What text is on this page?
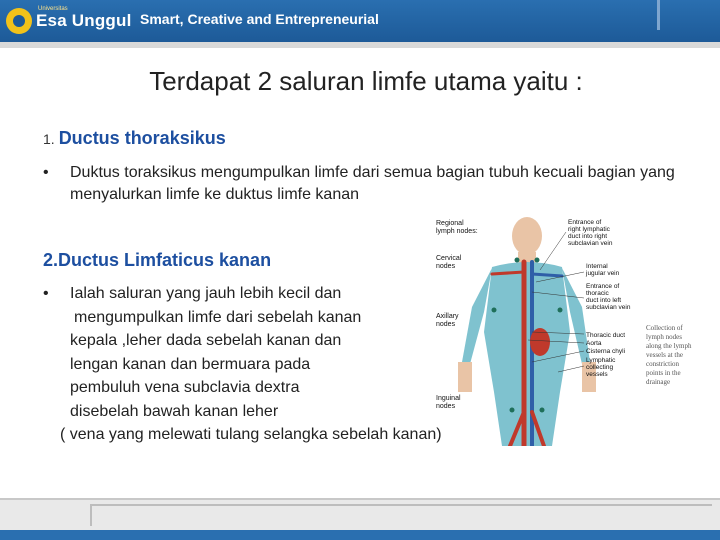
Universitas
Esa Unggul Smart, Creative and Entrepreneurial
Terdapat 2 saluran limfe utama yaitu :
1. Ductus thoraksikus
•	Duktus toraksikus mengumpulkan limfe dari semua bagian tubuh kecuali bagian yang menyalurkan limfe ke duktus limfe kanan
2.Ductus Limfaticus kanan
•	Ialah saluran yang jauh lebih kecil dan
mengumpulkan limfe dari sebelah kanan
kepala ,leher dada sebelah kanan dan
lengan kanan dan bermuara pada
pembuluh vena subclavia dextra
disebelah bawah kanan leher
( vena yang melewati tulang selangka sebelah kanan)
Regional
lymph nodes:
Cervical
nodes
Axillary
nodes
Inguinal
nodes
Entrance of
right lymphatic
duct into right
subclavian vein
Internal
jugular vein
Entrance of
thoracic
duct into left
subclavian vein
Thoracic duct
Aorta
Cisterna chyli
Lymphatic
collecting
vessels
Collection of
lymph nodes
along the lymph
vessels at the
constriction
points in the
drainage
